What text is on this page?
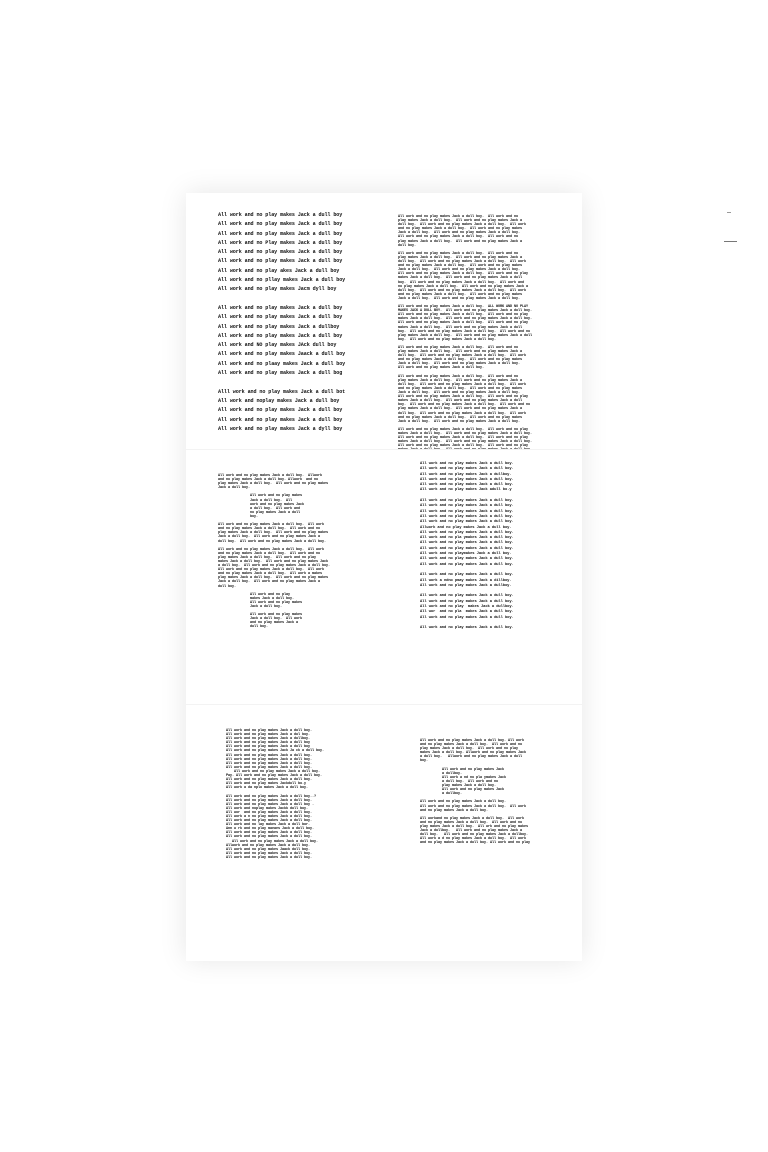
All work and no play makes Jack a dull boy
All work and no play makes Jack a dull boy
All work and no play makes Jack a dull boy
All work and no Play makes Jack a dull boy
All work and no play makes Jack a dull boy
All work and no play makes Jack a dull boy
All work and no play akes Jack a dull boy
All work and no pllay makes Jack a dull boy
All work and no play makes Jacm dyll boy

All work and no play makes Jack a dull boy
All work and no play makes Jack a dull boy
All work and no play makes Jack a dullboy
All work and no play makes Jack a dull boy
All work and NO play makes JAck dull boy
All work and no play makes Jaack a dull boy
All work and no plaay makes Jack a dull boy
All work and no play makes Jack a dull bog

Alll work and no play makes Jack a dull bot
All work and noplay makes Jack a dull boy
All work and no play makes Jack a dull boy
All work and no play makes Jack a dull boy
All work and no play makes Jack a dyll boy
All work and no play makes Jack a dull boy.  All work and no
play makes Jack a dull boy.  All work and no play makes Jack a
dull boy.  All work and no play makes Jack a dull boy.  All work
and no play makes Jack a dull boy.  All work and no play makes
Jack a dull boy.  All work and no play makes Jack a dull boy.
All work and no play makes Jack a dull boy.  All work and no
play makes Jack a dull boy.  All work and no play makes Jack a
dull boy.

All work and no play makes Jack a dull boy.  All work and no
play makes Jack a dull boy.  All work and no play makes Jack a
dull boy.  All work and no play makes Jack a dull boy.  All work
and no play makes Jack a dull boy.  All work and no play makes
Jack a dull boy.  All work and no play makes Jack a dull boy.
All work and no play makes Jack a dull boy.  All work and no play
makes Jack a dull boy.  All work and no play makes Jack a dull
boy.  All work and no play makes Jack a dull boy.  All work and
no play makes Jack a dull boy.  All work and no play makes Jack a
dull boy.  All work and no play makes Jack a dull boy.  All work
and no play makes Jack a dull boy.  All work and no play makes
Jack a dull boy.  All work and no play makes Jack a dull boy.

All work and no play makes Jack a dull boy.  ALL WORK AND NO PLAY
MAKES JACK A DULL BOY.  All work and no play makes Jack a dull boy.
All work and no play makes Jack a dull boy.  All work and no play
makes Jack a dull boy.  All work and no play makes Jack a dull boy.
All work and no play makes Jack a dull boy.  All work and no play
makes Jack a dull boy.  All work and no play makes Jack a dull
boy.  All work and no play makes Jack a dull boy.  All work and no
play makes Jack a dull boy.  All work and no play makes Jack a dull
boy.  All work and no play makes Jack a dull boy.

All work and no play makes Jack a dull boy.  All work and no
play makes Jack a dull boy.  All work and no play makes Jack a
dull boy.  All work and no play makes Jack a dull boy.  All work
and no play makes Jack a dull boy.  All work and no play makes
Jack a dull boy.  All work and no play makes Jack a dull boy.
All work and no play makes Jack a dull boy.

All work and no play makes Jack a dull boy.  All work and no
play makes Jack a dull boy.  All work and no play makes Jack a
dull boy.  All work and no play makes Jack a dull boy.  All work
and no play makes Jack a dull boy.  All work and no play makes
Jack a dull boy.  All work and no play makes Jack a dull boy.
All work and no play makes Jack a dull boy.  All work and no play
makes Jack a dull boy.  All work and no play makes Jack a dull
boy.  All work and no play makes Jack a dull boy.  All work and no
play makes Jack a dull boy.  All work and no play makes Jack a
dull boy.  All work and no play makes Jack a dull boy.  All work
and no play makes Jack a dull boy.  All work and no play makes
Jack a dull boy.  All work and no play makes Jack a dull boy.

All work and no play makes Jack a dull boy.  All work and no play
makes Jack a dull boy.  All work and no play makes Jack a dull boy.
All work and no play makes Jack a dull boy.  All work and no play
makes Jack a dull boy.  All work and no play makes Jack a dull boy.
All work and no play makes Jack a dull boy.  All work and no play

All work and no play makes Jack a dull boy.  Allwork
and no play makes Jack a dull boy. Allwork  and no
play makes Jack a dull boy.  All work and no play makes
Jack a dull boy.

All work and no play makes
Jack a dull boy.  All
work and no play makes Jack
a dull boy.  All work and
no play makes Jack a dull
boy.

All work and no play makes Jack a dull boy.  All work
and no play makes Jack a dull boy.  All work and no
play makes Jack a dull boy.  All work and no play makes
Jack a dull boy.  All work and no play makes Jack a
dull boy.  All work and no play makes Jack a dull boy.

All work and no play makes Jack a dull boy.  All work
and no play makes Jack a dull boy.  All work and no
play makes Jack a dull boy.  All work and no play
makes Jack a dull boy.  All work and no play makes Jack
a dull boy.  All work and no play makes Jack a dull boy.
All work and no play makes Jack a dull boy.  All work
and no play makes Jack a dull boy.  All work a makes
play makes Jack a dull boy.  All work and no play makes
Jack a dull boy.  All work and no play makes Jack a
dull boy.

All work and no play
makes Jack a dull boy.
All work and no play makes
Jack a dull boy.

All work and no play makes
Jack a dull boy.  All work
and no play makes Jack a
dull boy.
All work and no play makes Jack a dull boy.
All work and no play makes Jack a dull boy.
All work and no play makes Jack a dullboy.
All work and no play makes Jack a dull boy.
All work and no play makes Jack a dull boy.
All work and no play makes Jack adull bo.y

All work and no play makes Jack a dull boy.
All work and no play makes Jack a dull boy.
All work and no play makes Jack a dull boy.
All work and no play makes Jack a dull boy.
All work and no play makes Jack a dull boy.
Allwork and no play makes Jack a dull boy.
All work and no play makes Jack a dull boy.
All work and no pla ymakes Jack a dull boy.
All work and no play makes Jack a dull boy.
All work and no play makes Jack a dull boy.
All work and no playmakes Jack a dull boy.
All work and no play makes Jack a dull boy.
All work and no play makes Jack a dull boy.

All work and no play makes Jack a dull boy.
All work a ndno pmay makes Jack a dillboy.
All work and no play makes Jack a dullboy.

All work and no play makes Jack a dull boy.
All work and no play makes Jack a dull boy.
All work and no play  makes Jack a dullboy.
All wor  and no pla  makes Jack a dull boy.
All work and no play makes Jack a dull boy.

All work and no play makes Jack a dull boy.
All work and no play makes Jack a dull boy.
All work and no play makes Jack a dul boy.
All work and no play makes Jack a dullboy.
All work and no play makes Jack a dull boy
All work and no play makes Jack a dull boy
All work and no play makes Jack Ja ck a dull boy.
All work and no play makes Jack a dull boy.
All work and no play makes Jack a dull boy.
All work and no play makes Jack a dull boy.
All work and no play makes Jack a dull boy.
All work and no play makes Jack a dull boy.
Pay. All work and no play makes Jack a dull boy.
All work and no play makes Jack a dull boy.
All work and no play makes Jackdull bo.y
All work a da nplo makes Jack a dull boy.

All work and no play makes Jack a dull boy..?
All work and no play makes Jack a dull boy.
All work and no play makes Jack a dull boy .
All work and noplay makes Jackk dull boy.
All wor  and no play makes Jack a dull boy.
All work a n no play makes Jack a dull boy.
All work and no play makes Jack a dull boy.
All work and no lay makes Jack a dull bor.
Ann w rk and no play maeaes Jack a dull boy.
All work and no play makes Jack a dull boy.
All work and no play makes Jack a dull boy.
All work and no play makes Jack a dull boy.
Allwork and no play makes Jack a dull boy.
All work and no play makes Jaack dull boy.
All work and no play makes Jack a dull boy.
All work and no play makes Jack a dull boy.
All work and no play makes Jack a dull boy. All work
and no play makes Jack a dull boy.  All work and no
play makes Jack a dull boy.  All work and no play
makes Jack a dull boy. Allwork and no play makes Jack
a dull boy.   Allwork and no play makes Jack a dull
boy.

All work and no play makes Jack
a dullboy.
All work a nd no pla ymakes Jack
a dull boy.  All work and no
play makes Jack a dull boy.
All work and no play makes Jack
a dullboy.

All work and no play makes Jack a dull boy.
All work and no play makes Jack a dull boy.  All work
and no play makes Jack a dull boy.

All workand no play makes Jack a dull boy.  All work
and no play makes Jack a dull boy.  All work and no
play makes Jack a dull boy.  All wrk and no play makes
Jack a dullboy.   All work and no play makes Jack a
dull boy.   All work and no play makes Jack a dullboy.
All work a d no play makes Jack a dull boy.  All work
and no play makes Jack a dull boy. All work and no play
